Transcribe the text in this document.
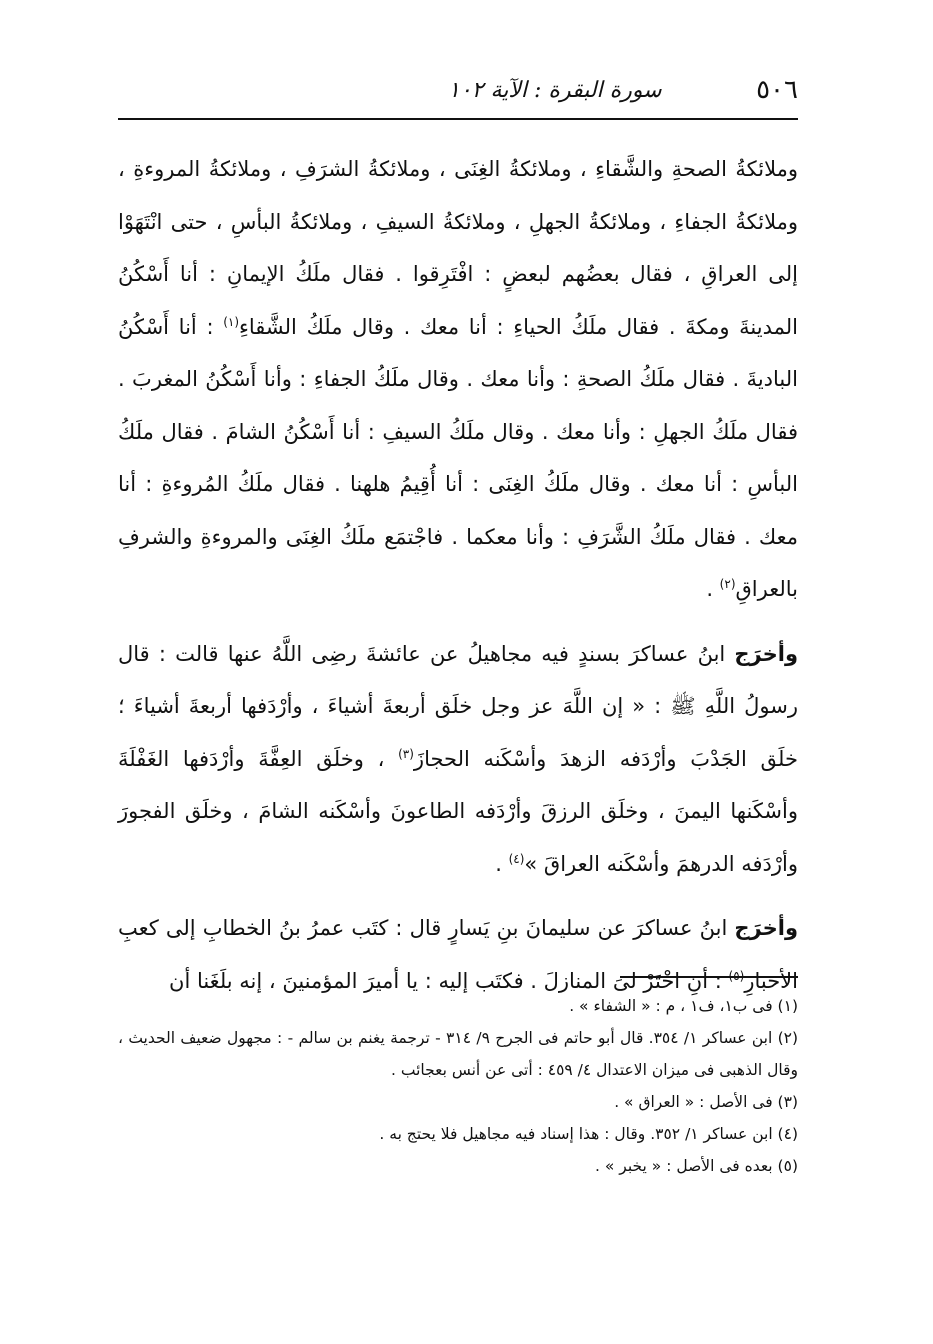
٥٠٦
سورة البقرة : الآية ١٠٢

وملائكةُ الصحةِ والشَّقاءِ ، وملائكةُ الغِنَى ، وملائكةُ الشرَفِ ، وملائكةُ المروءةِ ، وملائكةُ الجفاءِ ، وملائكةُ الجهلِ ، وملائكةُ السيفِ ، وملائكةُ البأسِ ، حتى انْتَهَوْا إلى العراقِ ، فقال بعضُهم لبعضٍ : افْتَرِقوا . فقال ملَكُ الإيمانِ : أنا أَسْكُنُ المدينةَ ومكةَ . فقال ملَكُ الحياءِ : أنا معك . وقال ملَكُ الشَّقاءِ$^{(١)}$ : أنا أَسْكُنُ الباديةَ . فقال ملَكُ الصحةِ : وأنا معك . وقال ملَكُ الجفاءِ : وأنا أَسْكُنُ المغربَ . فقال ملَكُ الجهلِ : وأنا معك . وقال ملَكُ السيفِ : أنا أَسْكُنُ الشامَ . فقال ملَكُ البأسِ : أنا معك . وقال ملَكُ الغِنَى : أنا أُقِيمُ هلهنا . فقال ملَكُ المُروءةِ : أنا معك . فقال ملَكُ الشَّرَفِ : وأنا معكما . فاجْتمَع ملَكُ الغِنَى والمروءةِ والشرفِ بالعراقِ$^{(٢)}$ .

وأخرَج ابنُ عساكرَ بسندٍ فيه مجاهيلُ عن عائشةَ رضِى اللَّهُ عنها قالت : قال رسولُ اللَّهِ ﷺ : « إن اللَّهَ عز وجل خلَق أربعةَ أشياءَ ، وأرْدَفها أربعةَ أشياءَ ؛ خلَق الجَدْبَ وأرْدَفه الزهدَ وأسْكَنه الحجازَ$^{(٣)}$ ، وخلَق العِفَّةَ وأرْدَفها الغَفْلَةَ وأسْكَنها اليمنَ ، وخلَق الرزقَ وأرْدَفه الطاعونَ وأسْكَنه الشامَ ، وخلَق الفجورَ وأرْدَفه الدرهمَ وأسْكَنه العراقَ »$^{(٤)}$ .

وأخرَج ابنُ عساكرَ عن سليمانَ بنِ يَسارٍ قال : كتَب عمرُ بنُ الخطابِ إلى كعبِ الأحبارِ$^{(٥)}$ : أنِ اخْتَرْ لىَ المنازلَ . فكتَب إليه : يا أميرَ المؤمنينَ ، إنه بلَغَنا أن

(١) فى ب١، ف١ ، م : « الشفاء » .

(٢) ابن عساكر ١/ ٣٥٤. قال أبو حاتم فى الجرح ٩/ ٣١٤ - ترجمة يغنم بن سالم - : مجهول ضعيف الحديث ، وقال الذهبى فى ميزان الاعتدال ٤/ ٤٥٩ : أتى عن أنس بعجائب .

(٣) فى الأصل : « العراق » .

(٤) ابن عساكر ١/ ٣٥٢. وقال : هذا إسناد فيه مجاهيل فلا يحتج به .

(٥) بعده فى الأصل : « يخبر » .
